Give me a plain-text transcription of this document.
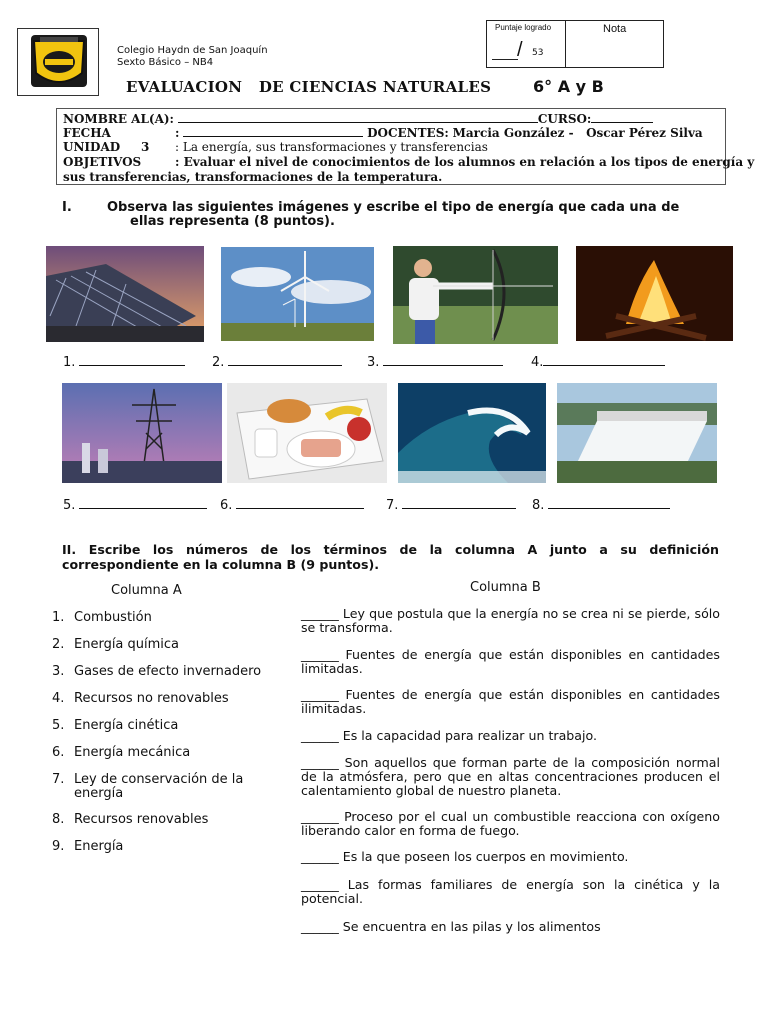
Colegio Haydn de San Joaquín
Sexto Básico – NB4
Puntaje logrado
/ 53
Nota
EVALUACION   DE CIENCIAS NATURALES	6° A y B
NOMBRE AL(A):	CURSO:
FECHA	:	DOCENTES: Marcia González -   Oscar Pérez Silva
UNIDAD     3 : La energía, sus transformaciones y transferencias
OBJETIVOS	: Evaluar el nivel de conocimientos de los alumnos en relación a los tipos de energía y
sus transferencias, transformaciones de la temperatura.
I.	Observa las siguientes imágenes y escribe el tipo de energía que cada una de
ellas representa (8 puntos).
1.	2.	3.	4.
5.	6.	7.	8.
II. Escribe los números de los términos de la columna A junto a su definición
correspondiente en la columna B (9 puntos).
Columna A	Columna B
1. Combustión
2. Energía química
3. Gases de efecto invernadero
4. Recursos no renovables
5. Energía cinética
6. Energía mecánica
7. Ley de conservación de la
energía
8. Recursos renovables
9. Energía
______ Ley que postula que la energía no se crea ni se pierde, sólo se transforma.
______ Fuentes de energía que están disponibles en cantidades limitadas.
______ Fuentes de energía que están disponibles en cantidades ilimitadas.
______ Es la capacidad para realizar un trabajo.
______ Son aquellos que forman parte de la composición normal de la atmósfera, pero que en altas concentraciones producen el calentamiento global de nuestro planeta.
______ Proceso por el cual un combustible reacciona con oxígeno liberando calor en forma de fuego.
______ Es la que poseen los cuerpos en movimiento.
______ Las formas familiares de energía son la cinética y la potencial.
______ Se encuentra en las pilas y los alimentos
